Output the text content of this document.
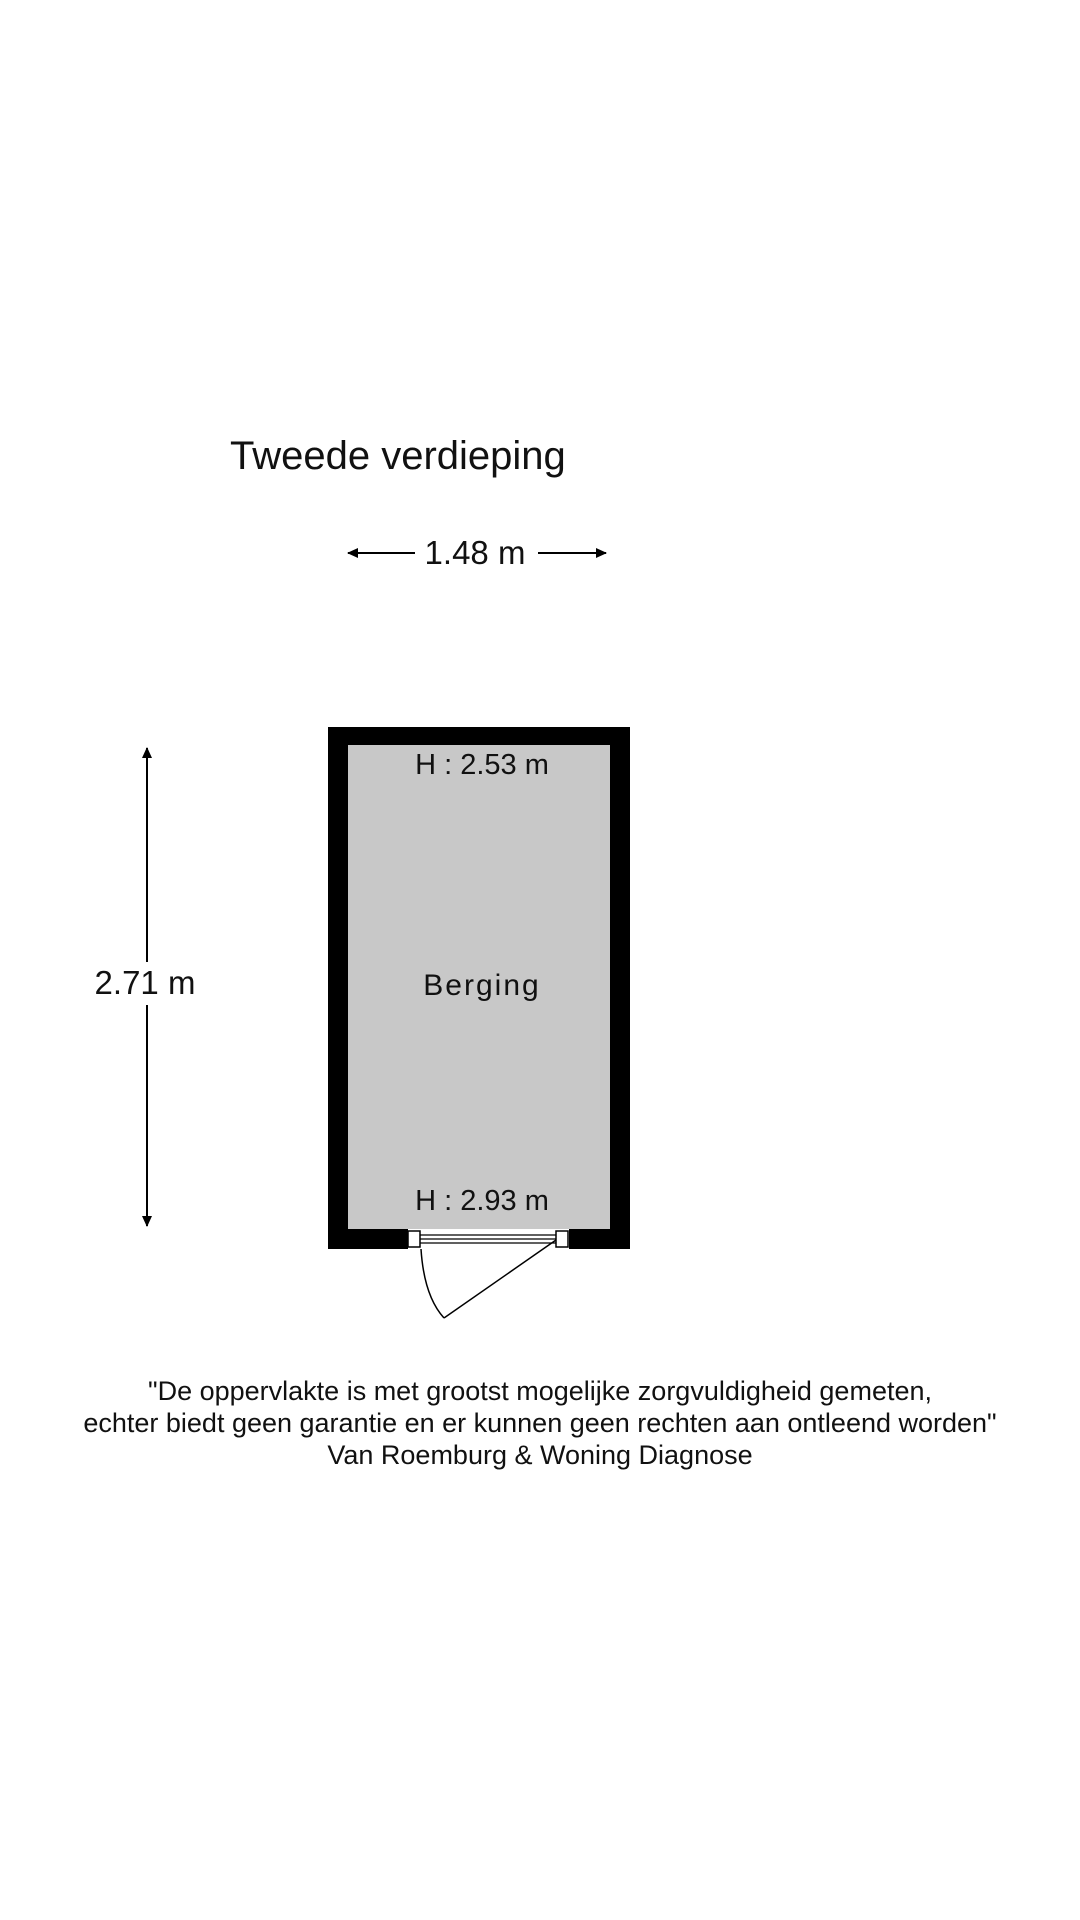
Tweede verdieping
1.48 m
2.71 m
H : 2.53 m
Berging
H : 2.93 m
"De oppervlakte is met grootst mogelijke zorgvuldigheid gemeten,
echter biedt geen garantie en er kunnen geen rechten aan ontleend worden"
Van Roemburg & Woning Diagnose
